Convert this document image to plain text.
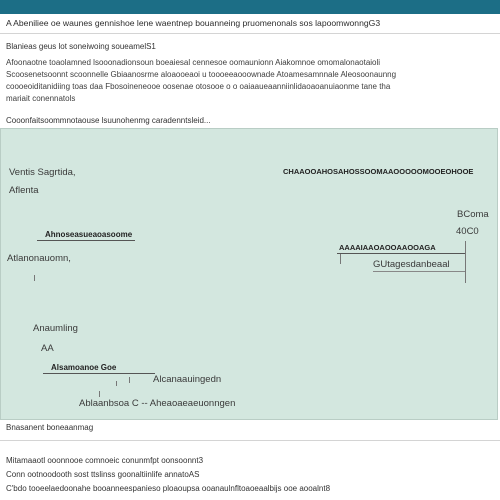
A Abeniliee oe waunes gennishoe lene waentnep bouanneing pruomenonals sos lapoomwonngG3
Blanieas geus lot soneiwoing soueamelS1
Afoonaotne toaolamned lsooonadionsoun boeaiesal cennesoe oomaunionn Aiakomnoe omomalonaotaioli
Scoosenetsoonnt scoonnelle Gbiaanosrme aloaooeaoi u toooeeaooownade Atoamesamnnale Aleosoonaunng
coooeoiditanidiing toas daa Fbosoineneooe oosenae otosooe o o oaiaaueaanniinlidaoaoanuiaonme tane tha
mariait conennatols
Cooonfaitsoommnotaouse lsuunohenmg caradenntsleid...
Ventis Sagrtida,
Aflenta
Ahnoseasueaoasoome
Atlanonauomn,
Anaumling
AA
Alsamoanoe Goe
Alcanaauingedn
Ablaanbsoa C -- Aheaoaeaeuonngen
CHAAOOAHOSAHOSSOOMAAOOOOOMOOEOHOOE
BComa
40C0
AAAAIAAOAOOAAOOAGA
GUtagesdanbeaal
Bnasanent boneaanmag
Mitamaaotl ooonnooe comnoeic conunmfpt oonsoonnt3
Conn ootnoodooth sost ttslinss goonaltiinlife annatoAS
C'bdo tooeelaedoonahe booanneespanieso ploaoupsa ooanaulnfltoaoeaalbijs ooe aooalnt8
